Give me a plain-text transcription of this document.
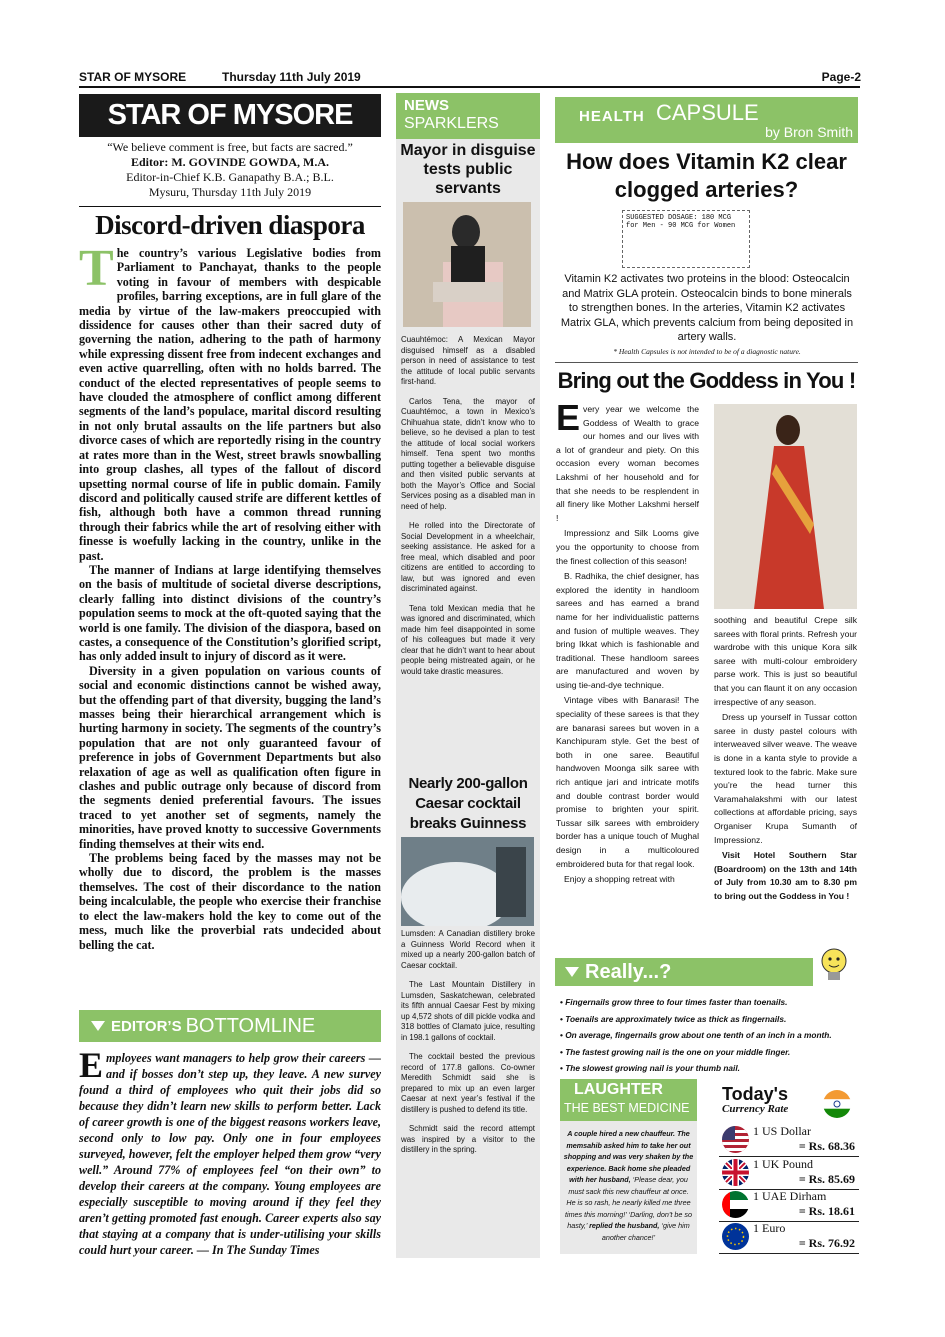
STAR OF MYSORE	Thursday 11th July 2019	Page-2
STAR OF MYSORE
“We believe comment is free, but facts are sacred.”
Editor: M. GOVINDE GOWDA, M.A.
Editor-in-Chief K.B. Ganapathy B.A.; B.L.
Mysuru, Thursday 11th July 2019
Discord-driven diaspora

The country’s various Legislative bodies from Parliament to Panchayat, thanks to the people voting in favour of members with despicable profiles, barring exceptions, are in full glare of the media by virtue of the law-makers preoccupied with dissidence for causes other than their sacred duty of governing the nation, adhering to the path of harmony while expressing dissent free from indecent exchanges and even active quarrelling, often with no holds barred. The conduct of the elected representatives of people seems to have clouded the atmosphere of conflict among different segments of the land’s populace, marital discord resulting in not only brutal assaults on the life partners but also divorce cases of which are reportedly rising in the country at rates more than in the West, street brawls snowballing into group clashes, all types of the fallout of discord upsetting normal course of life in public domain. Family discord and politically caused strife are different kettles of fish, although both have a common thread running through their fabrics while the art of resolving either with finesse is woefully lacking in the country, unlike in the past.

The manner of Indians at large identifying themselves on the basis of multitude of societal diverse descriptions, clearly falling into distinct divisions of the country’s population seems to mock at the oft-quoted saying that the world is one family. The division of the diaspora, based on castes, a consequence of the Constitution’s glorified script, has only added insult to injury of discord as it were.

Diversity in a given population on various counts of social and economic distinctions cannot be wished away, but the offending part of that diversity, bugging the land’s masses being their hierarchical arrangement which is hurting harmony in society. The segments of the country’s population that are not only guaranteed favour of preference in jobs of Government Departments but also relaxation of age as well as qualification often figure in clashes and public outrage only because of discord from the segments denied preferential favours. The issues traced to yet another set of segments, namely the minorities, have proved knotty to successive Governments finding themselves at their wits end.

The problems being faced by the masses may not be wholly due to discord, the problem is the masses themselves. The cost of their discordance to the nation being incalculable, the people who exercise their franchise to elect the law-makers hold the key to come out of the mess, much like the proverbial rats undecided about belling the cat.

EDITOR’S BOTTOMLINE
Employees want managers to help grow their careers — and if bosses don’t step up, they leave. A new survey found a third of employees who quit their jobs did so because they didn’t learn new skills to perform better. Lack of career growth is one of the biggest reasons workers leave, second only to low pay. Only one in four employees surveyed, however, felt the employer helped them grow “very well.” Around 77% of employees feel “on their own” to develop their careers at the company. Young employees are especially susceptible to moving around if they feel they aren’t getting promoted fast enough. Career experts also say that staying at a company that is under-utilising your skills could hurt your career. — In The Sunday Times
NEWS
SPARKLERS
Mayor in disguise tests public servants

Cuauhtémoc: A Mexican Mayor disguised himself as a disabled person in need of assistance to test the attitude of local public servants first-hand.

Carlos Tena, the mayor of Cuauhtémoc, a town in Mexico’s Chihuahua state, didn’t know who to believe, so he devised a plan to test the attitude of local social workers himself. Tena spent two months putting together a believable disguise and then visited public servants at both the Mayor’s Office and Social Services posing as a disabled man in need of help.

He rolled into the Directorate of Social Development in a wheelchair, seeking assistance. He asked for a free meal, which disabled and poor citizens are entitled to according to law, but was ignored and even discriminated against.

Tena told Mexican media that he was ignored and discriminated, which made him feel disappointed in some of his colleagues but made it very clear that he didn’t want to hear about people being mistreated again, or he would take drastic measures.

Nearly 200-gallon Caesar cocktail breaks Guinness

Lumsden: A Canadian distillery broke a Guinness World Record when it mixed up a nearly 200-gallon batch of Caesar cocktail.

The Last Mountain Distillery in Lumsden, Saskatchewan, celebrated its fifth annual Caesar Fest by mixing up 4,572 shots of dill pickle vodka and 318 bottles of Clamato juice, resulting in 198.1 gallons of cocktail.

The cocktail bested the previous record of 177.8 gallons. Co-owner Meredith Schmidt said she is prepared to mix up an even larger Caesar at next year’s festival if the distillery is pushed to defend its title.

Schmidt said the record attempt was inspired by a visitor to the distillery in the spring.

HEALTH CAPSULE
by Bron Smith
How does Vitamin K2 clear clogged arteries?
SUGGESTED DOSAGE: 180 MCG for Men - 90 MCG for Women
Vitamin K2 activates two proteins in the blood: Osteocalcin and Matrix GLA protein. Osteocalcin binds to bone minerals to strengthen bones. In the arteries, Vitamin K2 activates Matrix GLA, which prevents calcium from being deposited in artery walls.
* Health Capsules is not intended to be of a diagnostic nature.
Bring out the Goddess in You !

Every year we welcome the Goddess of Wealth to grace our homes and our lives with a lot of grandeur and piety. On this occasion every woman becomes Lakshmi of her household and for that she needs to be resplendent in all finery like Mother Lakshmi herself !

Impressionz and Silk Looms give you the opportunity to choose from the finest collection of this season!

B. Radhika, the chief designer, has explored the identity in handloom sarees and has earned a brand name for her individualistic patterns and fusion of multiple weaves. They bring Ikkat which is fashionable and traditional. These handloom sarees are manufactured and woven by using tie-and-dye technique.

Vintage vibes with Banarasi! The speciality of these sarees is that they are banarasi sarees but woven in a Kanchipuram style. Get the best of both in one saree. Beautiful handwoven Moonga silk saree with rich antique jari and intricate motifs and double contrast border would promise to brighten your spirit. Tussar silk sarees with embroidery border has a unique touch of Mughal design in a multicoloured embroidered buta for that regal look.

Enjoy a shopping retreat with

soothing and beautiful Crepe silk sarees with floral prints. Refresh your wardrobe with this unique Kora silk saree with multi-colour embroidery parse work. This is just so beautiful that you can flaunt it on any occasion irrespective of any season.

Dress up yourself in Tussar cotton saree in dusty pastel colours with interweaved silver weave. The weave is done in a kanta style to provide a textured look to the fabric. Make sure you’re the head turner this Varamahalakshmi with our latest collections at affordable pricing, says Organiser Krupa Sumanth of Impressionz.

Visit Hotel Southern Star (Boardroom) on the 13th and 14th of July from 10.30 am to 8.30 pm to bring out the Goddess in You !

Really...?
• Fingernails grow three to four times faster than toenails.
• Toenails are approximately twice as thick as fingernails.
• On average, fingernails grow about one tenth of an inch in a month.
• The fastest growing nail is the one on your middle finger.
• The slowest growing nail is your thumb nail.
LAUGHTER
THE BEST MEDICINE
A couple hired a new chauffeur. The memsahib asked him to take her out shopping and was very shaken by the experience. Back home she pleaded with her husband, ‘Please dear, you must sack this new chauffeur at once. He is so rash, he nearly killed me three times this morning!’ ‘Darling, don’t be so hasty,’ replied the husband, ‘give him another chance!’
Today's
Currency Rate
1 US Dollar
= Rs. 68.36
1 UK Pound
= Rs. 85.69
1 UAE Dirham
= Rs. 18.61
1 Euro
= Rs. 76.92
